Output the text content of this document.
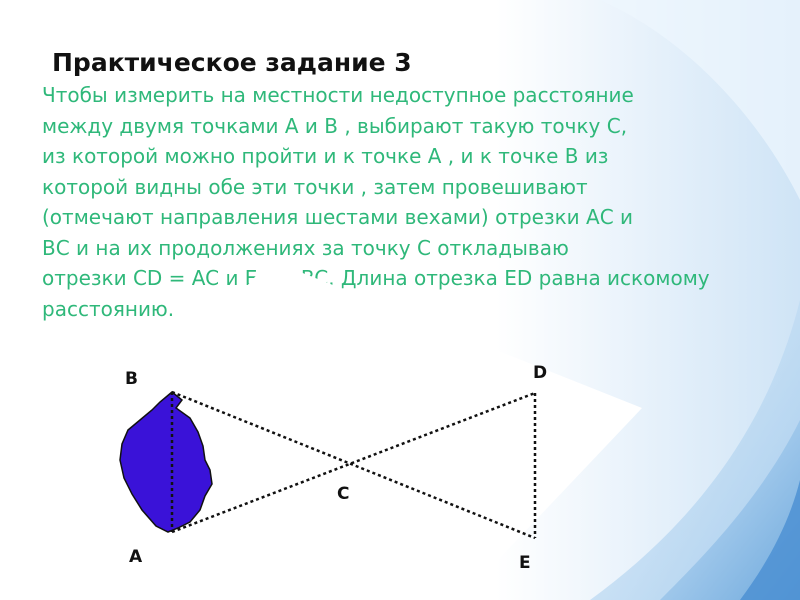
Практическое задание 3
Чтобы измерить на местности недоступное расстояние
между двумя точками А и В , выбирают такую точку С,
из которой можно пройти и к точке А , и к точке В из
которой видны обе эти точки , затем провешивают
(отмечают направления шестами вехами) отрезки АС и
ВС и на их продолжениях за точку С откладываю
отрезки CD = AC и EC = BC. Длина отрезка ED равна искомому
расстоянию.
B
A
C
D
E
